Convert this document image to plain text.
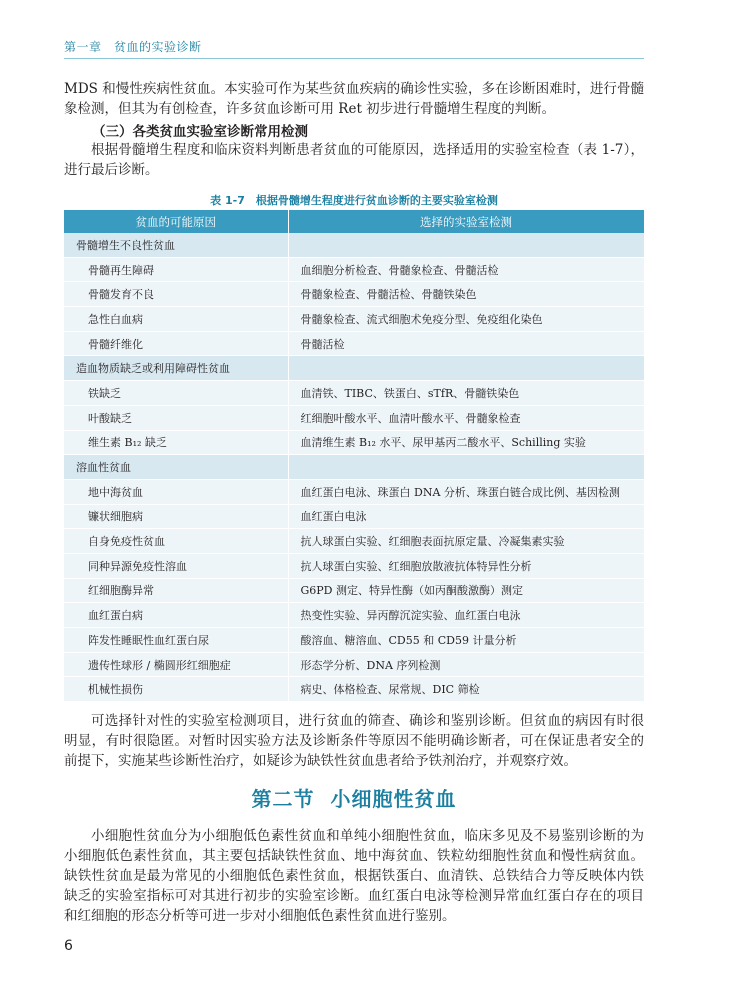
第一章　贫血的实验诊断

MDS 和慢性疾病性贫血。本实验可作为某些贫血疾病的确诊性实验，多在诊断困难时，进行骨髓象检测，但其为有创检查，许多贫血诊断可用 Ret 初步进行骨髓增生程度的判断。

（三）各类贫血实验室诊断常用检测

根据骨髓增生程度和临床资料判断患者贫血的可能原因，选择适用的实验室检查（表 1-7），进行最后诊断。

表 1-7　根据骨髓增生程度进行贫血诊断的主要实验室检测
贫血的可能原因	选择的实验室检测
骨髓增生不良性贫血	
骨髓再生障碍	血细胞分析检查、骨髓象检查、骨髓活检
骨髓发育不良	骨髓象检查、骨髓活检、骨髓铁染色
急性白血病	骨髓象检查、流式细胞术免疫分型、免疫组化染色
骨髓纤维化	骨髓活检
造血物质缺乏或利用障碍性贫血	
铁缺乏	血清铁、TIBC、铁蛋白、sTfR、骨髓铁染色
叶酸缺乏	红细胞叶酸水平、血清叶酸水平、骨髓象检查
维生素 B₁₂ 缺乏	血清维生素 B₁₂ 水平、尿甲基丙二酸水平、Schilling 实验
溶血性贫血	
地中海贫血	血红蛋白电泳、珠蛋白 DNA 分析、珠蛋白链合成比例、基因检测
镰状细胞病	血红蛋白电泳
自身免疫性贫血	抗人球蛋白实验、红细胞表面抗原定量、冷凝集素实验
同种异源免疫性溶血	抗人球蛋白实验、红细胞放散液抗体特异性分析
红细胞酶异常	G6PD 测定、特异性酶（如丙酮酸激酶）测定
血红蛋白病	热变性实验、异丙醇沉淀实验、血红蛋白电泳
阵发性睡眠性血红蛋白尿	酸溶血、糖溶血、CD55 和 CD59 计量分析
遗传性球形 / 椭圆形红细胞症	形态学分析、DNA 序列检测
机械性损伤	病史、体格检查、尿常规、DIC 筛检

可选择针对性的实验室检测项目，进行贫血的筛查、确诊和鉴别诊断。但贫血的病因有时很明显，有时很隐匿。对暂时因实验方法及诊断条件等原因不能明确诊断者，可在保证患者安全的前提下，实施某些诊断性治疗，如疑诊为缺铁性贫血患者给予铁剂治疗，并观察疗效。

第二节 小细胞性贫血

小细胞性贫血分为小细胞低色素性贫血和单纯小细胞性贫血，临床多见及不易鉴别诊断的为小细胞低色素性贫血，其主要包括缺铁性贫血、地中海贫血、铁粒幼细胞性贫血和慢性病贫血。缺铁性贫血是最为常见的小细胞低色素性贫血，根据铁蛋白、血清铁、总铁结合力等反映体内铁缺乏的实验室指标可对其进行初步的实验室诊断。血红蛋白电泳等检测异常血红蛋白存在的项目和红细胞的形态分析等可进一步对小细胞低色素性贫血进行鉴别。

6
